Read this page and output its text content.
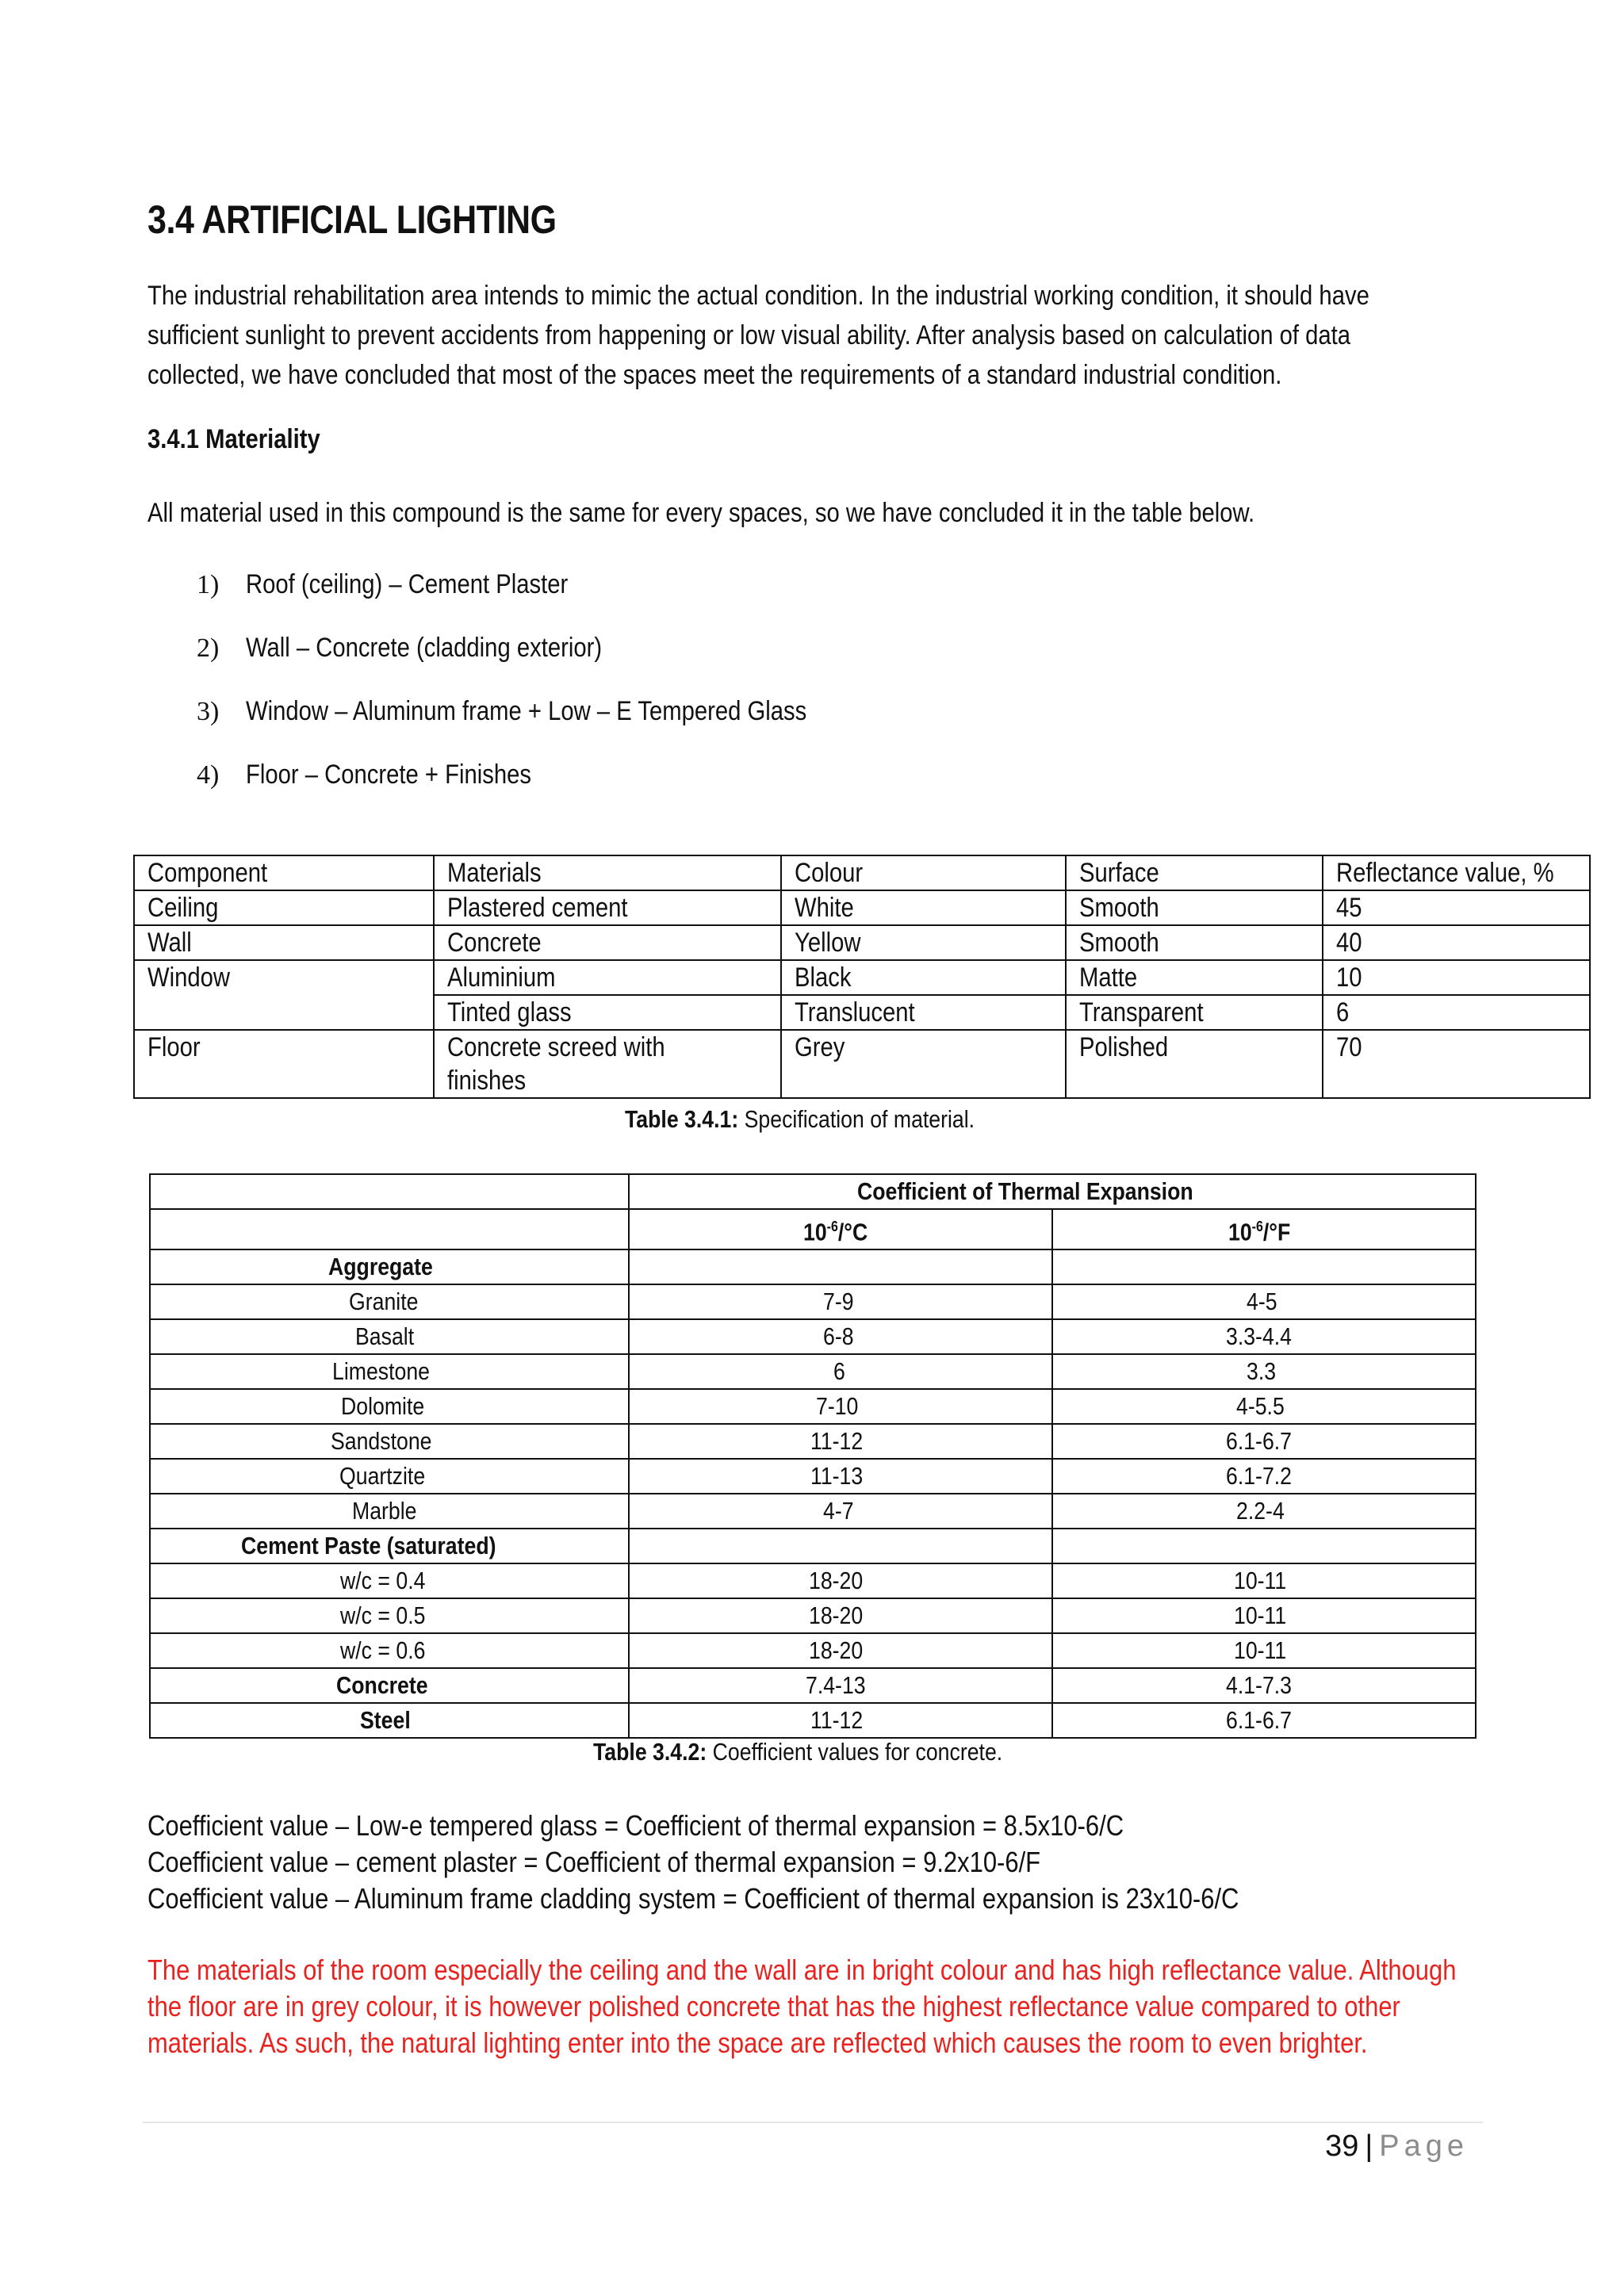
3.4 ARTIFICIAL LIGHTING
The industrial rehabilitation area intends to mimic the actual condition. In the industrial working condition, it should have
sufficient sunlight to prevent accidents from happening or low visual ability. After analysis based on calculation of data
collected, we have concluded that most of the spaces meet the requirements of a standard industrial condition.
3.4.1 Materiality

All material used in this compound is the same for every spaces, so we have concluded it in the table below.

1) Roof (ceiling) – Cement Plaster
2) Wall – Concrete (cladding exterior)
3) Window – Aluminum frame + Low – E Tempered Glass
4) Floor – Concrete + Finishes
Component	Materials	Colour	Surface	Reflectance value, %
Ceiling	Plastered cement	White	Smooth	45
Wall	Concrete	Yellow	Smooth	40
Window	Aluminium	Black	Matte	10
	Tinted glass	Translucent	Transparent	6
Floor	Concrete screed with finishes	Grey	Polished	70
Table 3.4.1: Specification of material.
	Coefficient of Thermal Expansion	
	$10^{-6}/^\circ C$	$10^{-6}/^\circ F$
Aggregate		
Granite	7-9	4-5
Basalt	6-8	3.3-4.4
Limestone	6	3.3
Dolomite	7-10	4-5.5
Sandstone	11-12	6.1-6.7
Quartzite	11-13	6.1-7.2
Marble	4-7	2.2-4
Cement Paste (saturated)		
w/c = 0.4	18-20	10-11
w/c = 0.5	18-20	10-11
w/c = 0.6	18-20	10-11
Concrete	7.4-13	4.1-7.3
Steel	11-12	6.1-6.7
Table 3.4.2: Coefficient values for concrete.
Coefficient value – Low-e tempered glass = Coefficient of thermal expansion = 8.5x10-6/C
Coefficient value – cement plaster = Coefficient of thermal expansion = 9.2x10-6/F
Coefficient value – Aluminum frame cladding system = Coefficient of thermal expansion is 23x10-6/C
The materials of the room especially the ceiling and the wall are in bright colour and has high reflectance value. Although
the floor are in grey colour, it is however polished concrete that has the highest reflectance value compared to other
materials. As such, the natural lighting enter into the space are reflected which causes the room to even brighter.
39 | Page
